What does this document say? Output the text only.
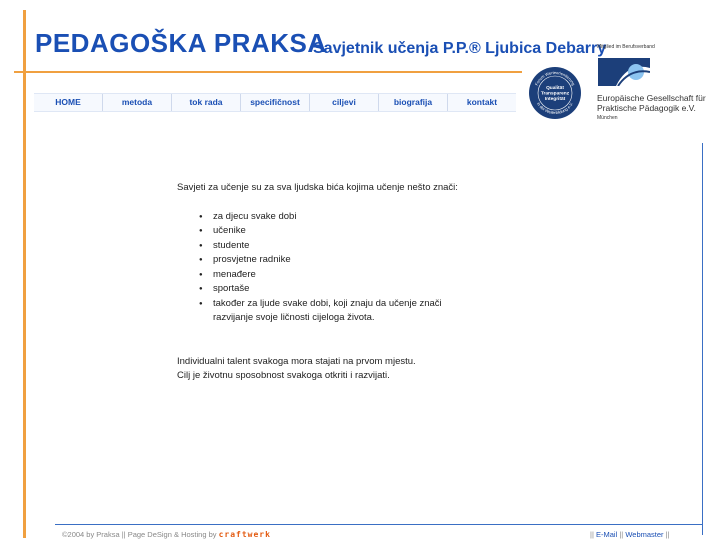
PEDAGOŠKA PRAKSA
Savjetnik učenja P.P.® Ljubica Debarry
HOME	metoda	tok rada	specifičnost	ciljevi	biografija	kontakt
Forum Werteorientierung
in der Weiterbildung e.V.
Qualität
Transparenz
Integrität
Mitglied im Berufsverband
Europäische Gesellschaft für
Praktische Pädagogik e.V.
München

Savjeti za učenje su za sva ljudska bića kojima učenje nešto znači:

● za djecu svake dobi
● učenike
● studente
● prosvjetne radnike
● menađere
● sportaše
● također za ljude svake dobi, koji znaju da učenje znači
razvijanje svoje ličnosti cijeloga života.
Individualni talent svakoga mora stajati na prvom mjestu.
Cilj je životnu sposobnost svakoga otkriti i razvijati.
©2004 by Praksa || Page DeSign & Hosting by craftwerk	|| E-Mail || Webmaster ||
